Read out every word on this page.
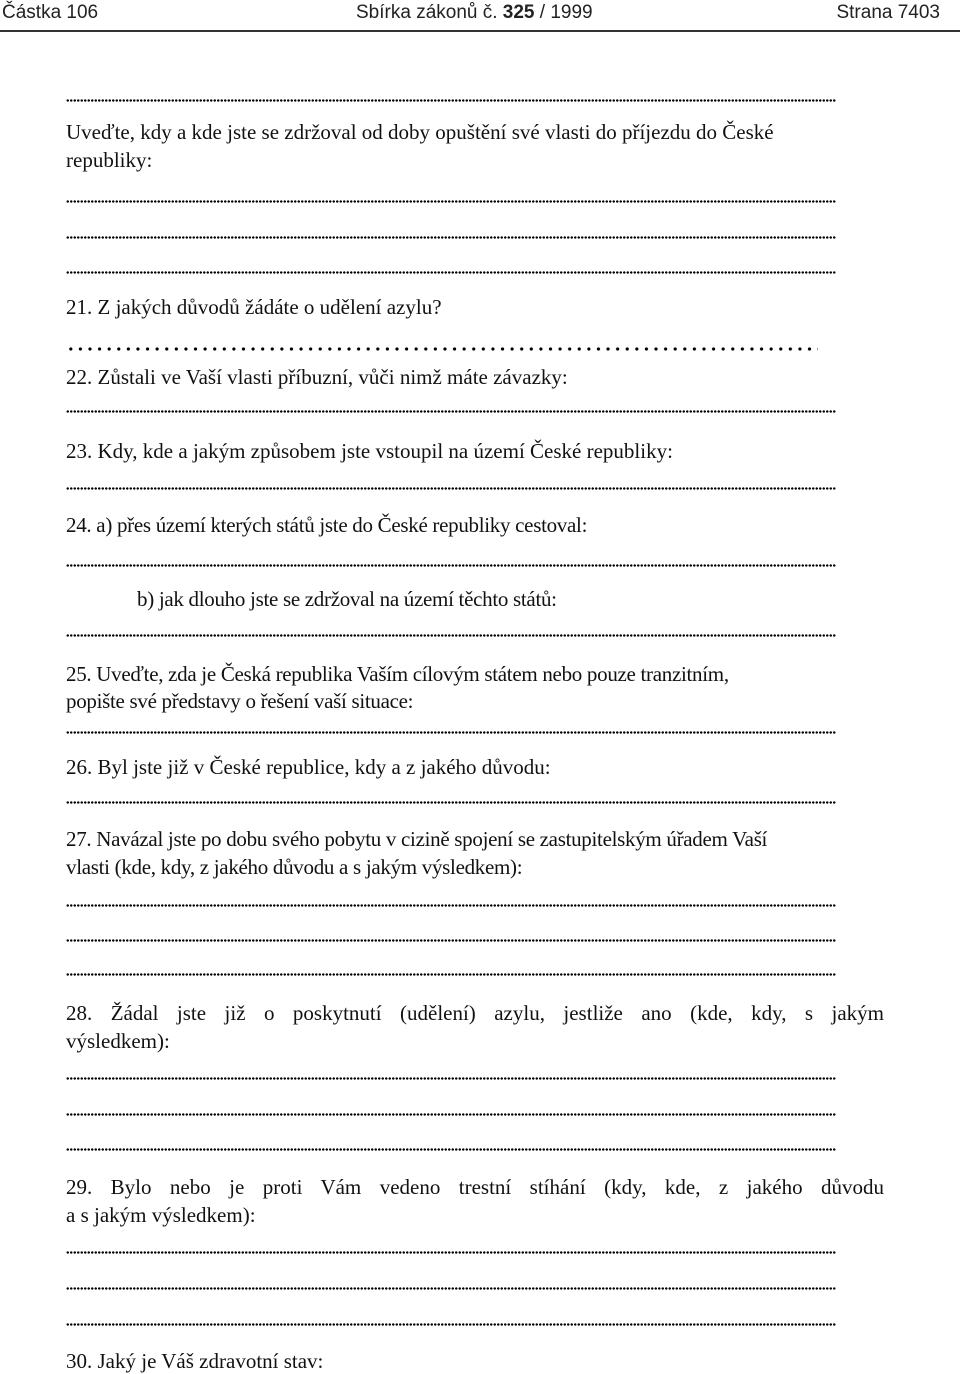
Částka 106	Sbírka zákonů č. 325 / 1999	Strana 7403
Uveďte, kdy a kde jste se zdržoval od doby opuštění své vlasti do příjezdu do České
republiky:
21. Z jakých důvodů žádáte o udělení azylu?
22. Zůstali ve Vaší vlasti příbuzní, vůči nimž máte závazky:
23. Kdy, kde a jakým způsobem jste vstoupil na území České republiky:
24. a) přes území kterých států jste do České republiky cestoval:
b) jak dlouho jste se zdržoval na území těchto států:
25. Uveďte, zda je Česká republika Vaším cílovým státem nebo pouze tranzitním,
popište své představy o řešení vaší situace:
26. Byl jste již v České republice, kdy a z jakého důvodu:
27. Navázal jste po dobu svého pobytu v cizině spojení se zastupitelským úřadem Vaší
vlasti (kde, kdy, z jakého důvodu a s jakým výsledkem):
28. Žádal jste již o poskytnutí (udělení) azylu, jestliže ano (kde, kdy, s jakým
výsledkem):
29. Bylo nebo je proti Vám vedeno trestní stíhání (kdy, kde, z jakého důvodu
a s jakým výsledkem):
30. Jaký je Váš zdravotní stav:
